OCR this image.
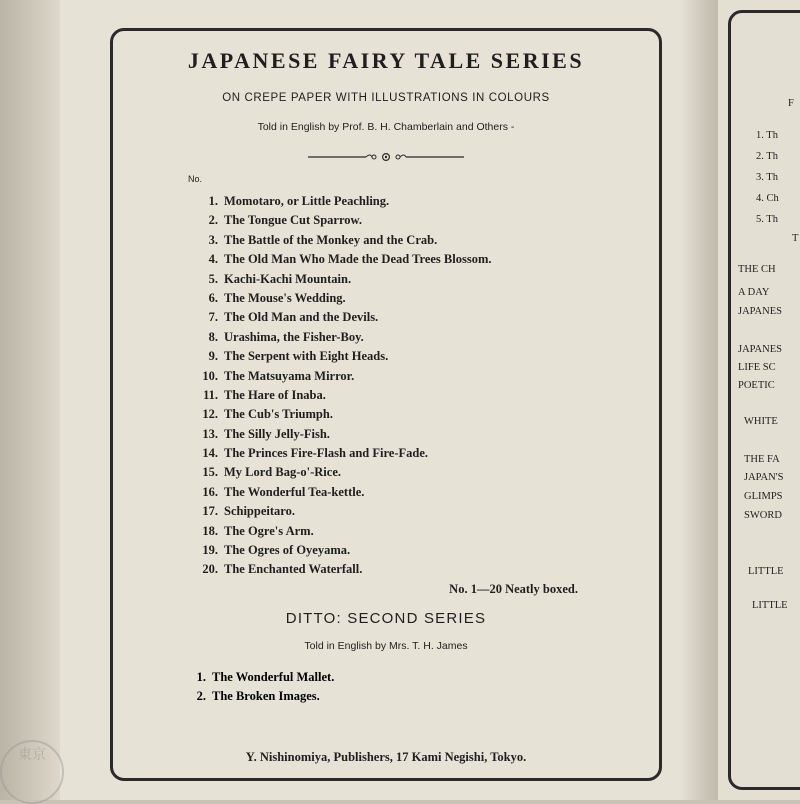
JAPANESE FAIRY TALE SERIES
ON CREPE PAPER WITH ILLUSTRATIONS IN COLOURS
Told in English by Prof. B. H. Chamberlain and Others -
No.
1. Momotaro, or Little Peachling.
2. The Tongue Cut Sparrow.
3. The Battle of the Monkey and the Crab.
4. The Old Man Who Made the Dead Trees Blossom.
5. Kachi-Kachi Mountain.
6. The Mouse's Wedding.
7. The Old Man and the Devils.
8. Urashima, the Fisher-Boy.
9. The Serpent with Eight Heads.
10. The Matsuyama Mirror.
11. The Hare of Inaba.
12. The Cub's Triumph.
13. The Silly Jelly-Fish.
14. The Princes Fire-Flash and Fire-Fade.
15. My Lord Bag-o'-Rice.
16. The Wonderful Tea-kettle.
17. Schippeitaro.
18. The Ogre's Arm.
19. The Ogres of Oyeyama.
20. The Enchanted Waterfall.
No. 1—20 Neatly boxed.
DITTO: SECOND SERIES
Told in English by Mrs. T. H. James
1. The Wonderful Mallet.
2. The Broken Images.
Y. Nishinomiya, Publishers, 17 Kami Negishi, Tokyo.
F
1. Th
2. Th
3. Th
4. Ch
5. Th
T
THE CH
A DAY
JAPANES
JAPANES
LIFE SC
POETIC
WHITE
THE FA
JAPAN'S
GLIMPS
SWORD
LITTLE
LITTLE
東京
